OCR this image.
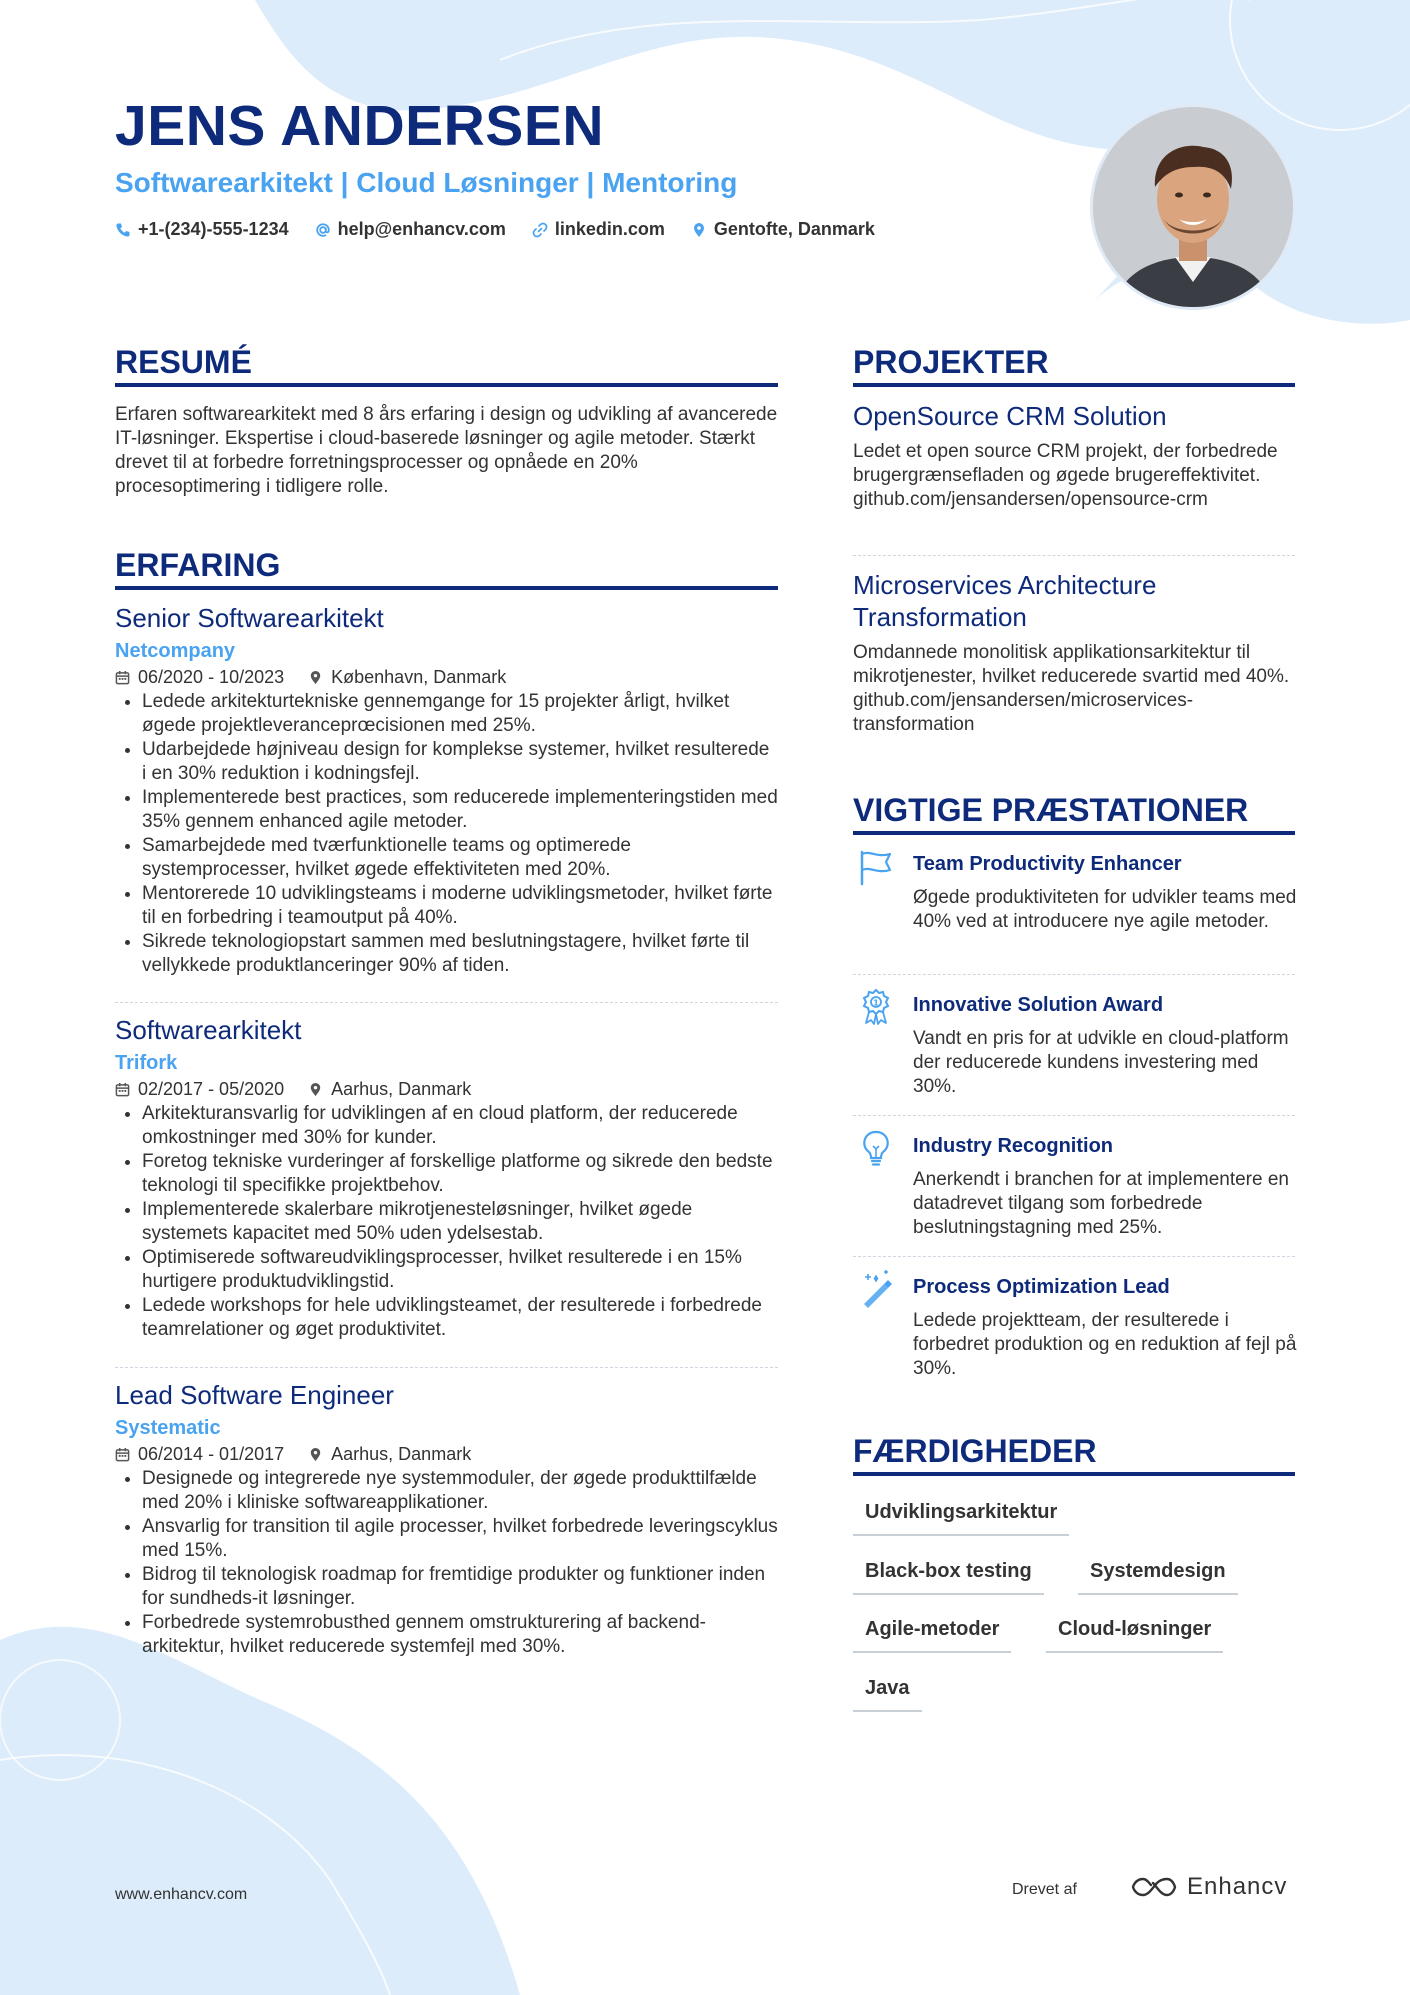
JENS ANDERSEN
Softwarearkitekt | Cloud Løsninger | Mentoring
+1-(234)-555-1234	help@enhancv.com	linkedin.com	Gentofte, Danmark
RESUMÉ
Erfaren softwarearkitekt med 8 års erfaring i design og udvikling af avancerede IT-løsninger. Ekspertise i cloud-baserede løsninger og agile metoder. Stærkt drevet til at forbedre forretningsprocesser og opnåede en 20% procesoptimering i tidligere rolle.
ERFARING
Senior Softwarearkitekt
Netcompany
06/2020 - 10/2023	København, Danmark
• Ledede arkitekturtekniske gennemgange for 15 projekter årligt, hvilket øgede projektleveranceprœcisionen med 25%.
• Udarbejdede højniveau design for komplekse systemer, hvilket resulterede i en 30% reduktion i kodningsfejl.
• Implementerede best practices, som reducerede implementeringstiden med 35% gennem enhanced agile metoder.
• Samarbejdede med tværfunktionelle teams og optimerede systemprocesser, hvilket øgede effektiviteten med 20%.
• Mentorerede 10 udviklingsteams i moderne udviklingsmetoder, hvilket førte til en forbedring i teamoutput på 40%.
• Sikrede teknologiopstart sammen med beslutningstagere, hvilket førte til vellykkede produktlanceringer 90% af tiden.
Softwarearkitekt
Trifork
02/2017 - 05/2020	Aarhus, Danmark
• Arkitekturansvarlig for udviklingen af en cloud platform, der reducerede omkostninger med 30% for kunder.
• Foretog tekniske vurderinger af forskellige platforme og sikrede den bedste teknologi til specifikke projektbehov.
• Implementerede skalerbare mikrotjenesteløsninger, hvilket øgede systemets kapacitet med 50% uden ydelsestab.
• Optimiserede softwareudviklingsprocesser, hvilket resulterede i en 15% hurtigere produktudviklingstid.
• Ledede workshops for hele udviklingsteamet, der resulterede i forbedrede teamrelationer og øget produktivitet.
Lead Software Engineer
Systematic
06/2014 - 01/2017	Aarhus, Danmark
• Designede og integrerede nye systemmoduler, der øgede produkttilfælde med 20% i kliniske softwareapplikationer.
• Ansvarlig for transition til agile processer, hvilket forbedrede leveringscyklus med 15%.
• Bidrog til teknologisk roadmap for fremtidige produkter og funktioner inden for sundheds-it løsninger.
• Forbedrede systemrobusthed gennem omstrukturering af backend-arkitektur, hvilket reducerede systemfejl med 30%.
PROJEKTER
OpenSource CRM Solution
Ledet et open source CRM projekt, der forbedrede brugergrænsefladen og øgede brugereffektivitet. github.com/jensandersen/opensource-crm
Microservices Architecture Transformation
Omdannede monolitisk applikationsarkitektur til mikrotjenester, hvilket reducerede svartid med 40%. github.com/jensandersen/microservices-transformation
VIGTIGE PRÆSTATIONER
Team Productivity Enhancer
Øgede produktiviteten for udvikler teams med 40% ved at introducere nye agile metoder.
1 Innovative Solution Award
Vandt en pris for at udvikle en cloud-platform der reducerede kundens investering med 30%.
Industry Recognition
Anerkendt i branchen for at implementere en datadrevet tilgang som forbedrede beslutningstagning med 25%.
Process Optimization Lead
Ledede projektteam, der resulterede i forbedret produktion og en reduktion af fejl på 30%.
FÆRDIGHEDER
Udviklingsarkitektur
Black-box testing	Systemdesign
Agile-metoder	Cloud-løsninger
Java
www.enhancv.com	Drevet af	Enhancv
